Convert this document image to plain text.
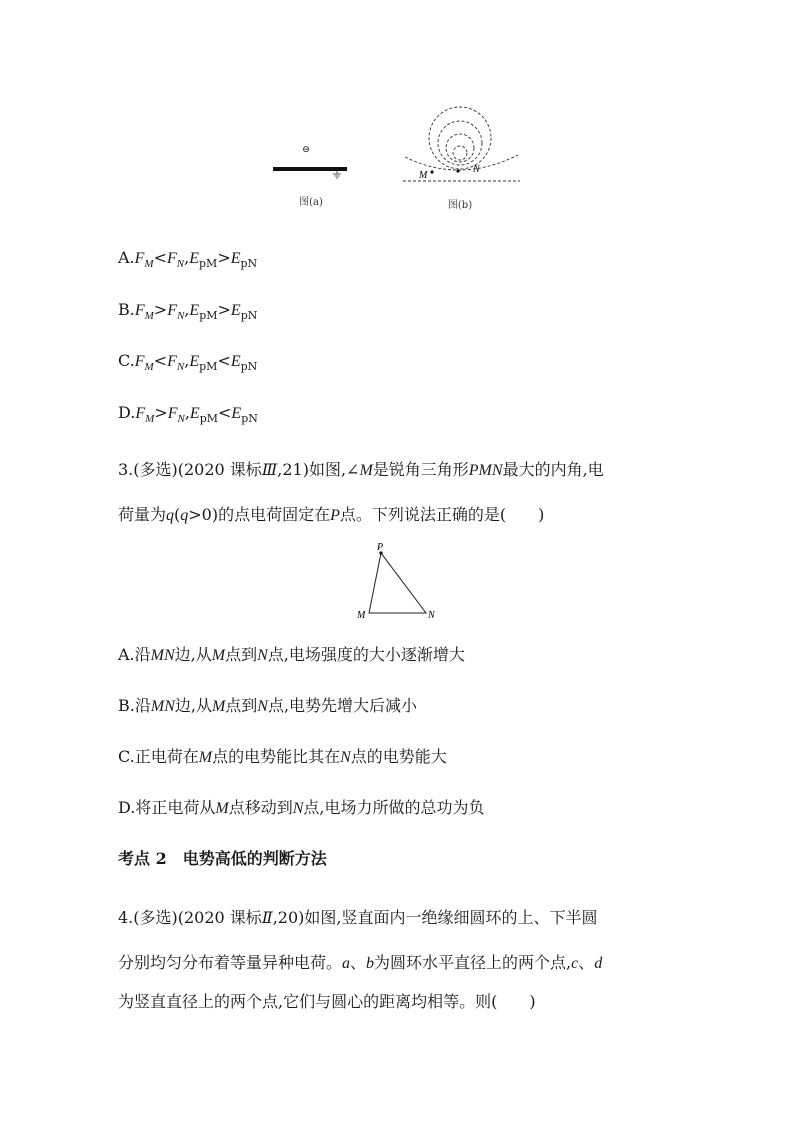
⊖
图(a)
M
N
图(b)
$A.F_M<F_N,E_{pM}>E_{pN}$
$B.F_M>F_N,E_{pM}>E_{pN}$
$C.F_M<F_N,E_{pM}<E_{pN}$
$D.F_M>F_N,E_{pM}<E_{pN}$
3.(多选)(2020 课标Ⅲ,21)如图,∠M是锐角三角形PMN最大的内角,电
荷量为q(q>0)的点电荷固定在P点。下列说法正确的是(　　)
P
M	N
A.沿MN边,从M点到N点,电场强度的大小逐渐增大
B.沿MN边,从M点到N点,电势先增大后减小
C.正电荷在M点的电势能比其在N点的电势能大
D.将正电荷从M点移动到N点,电场力所做的总功为负
考点 2　电势高低的判断方法
4.(多选)(2020 课标Ⅱ,20)如图,竖直面内一绝缘细圆环的上、下半圆
分别均匀分布着等量异种电荷。a、b为圆环水平直径上的两个点,c、d
为竖直直径上的两个点,它们与圆心的距离均相等。则(　　)
